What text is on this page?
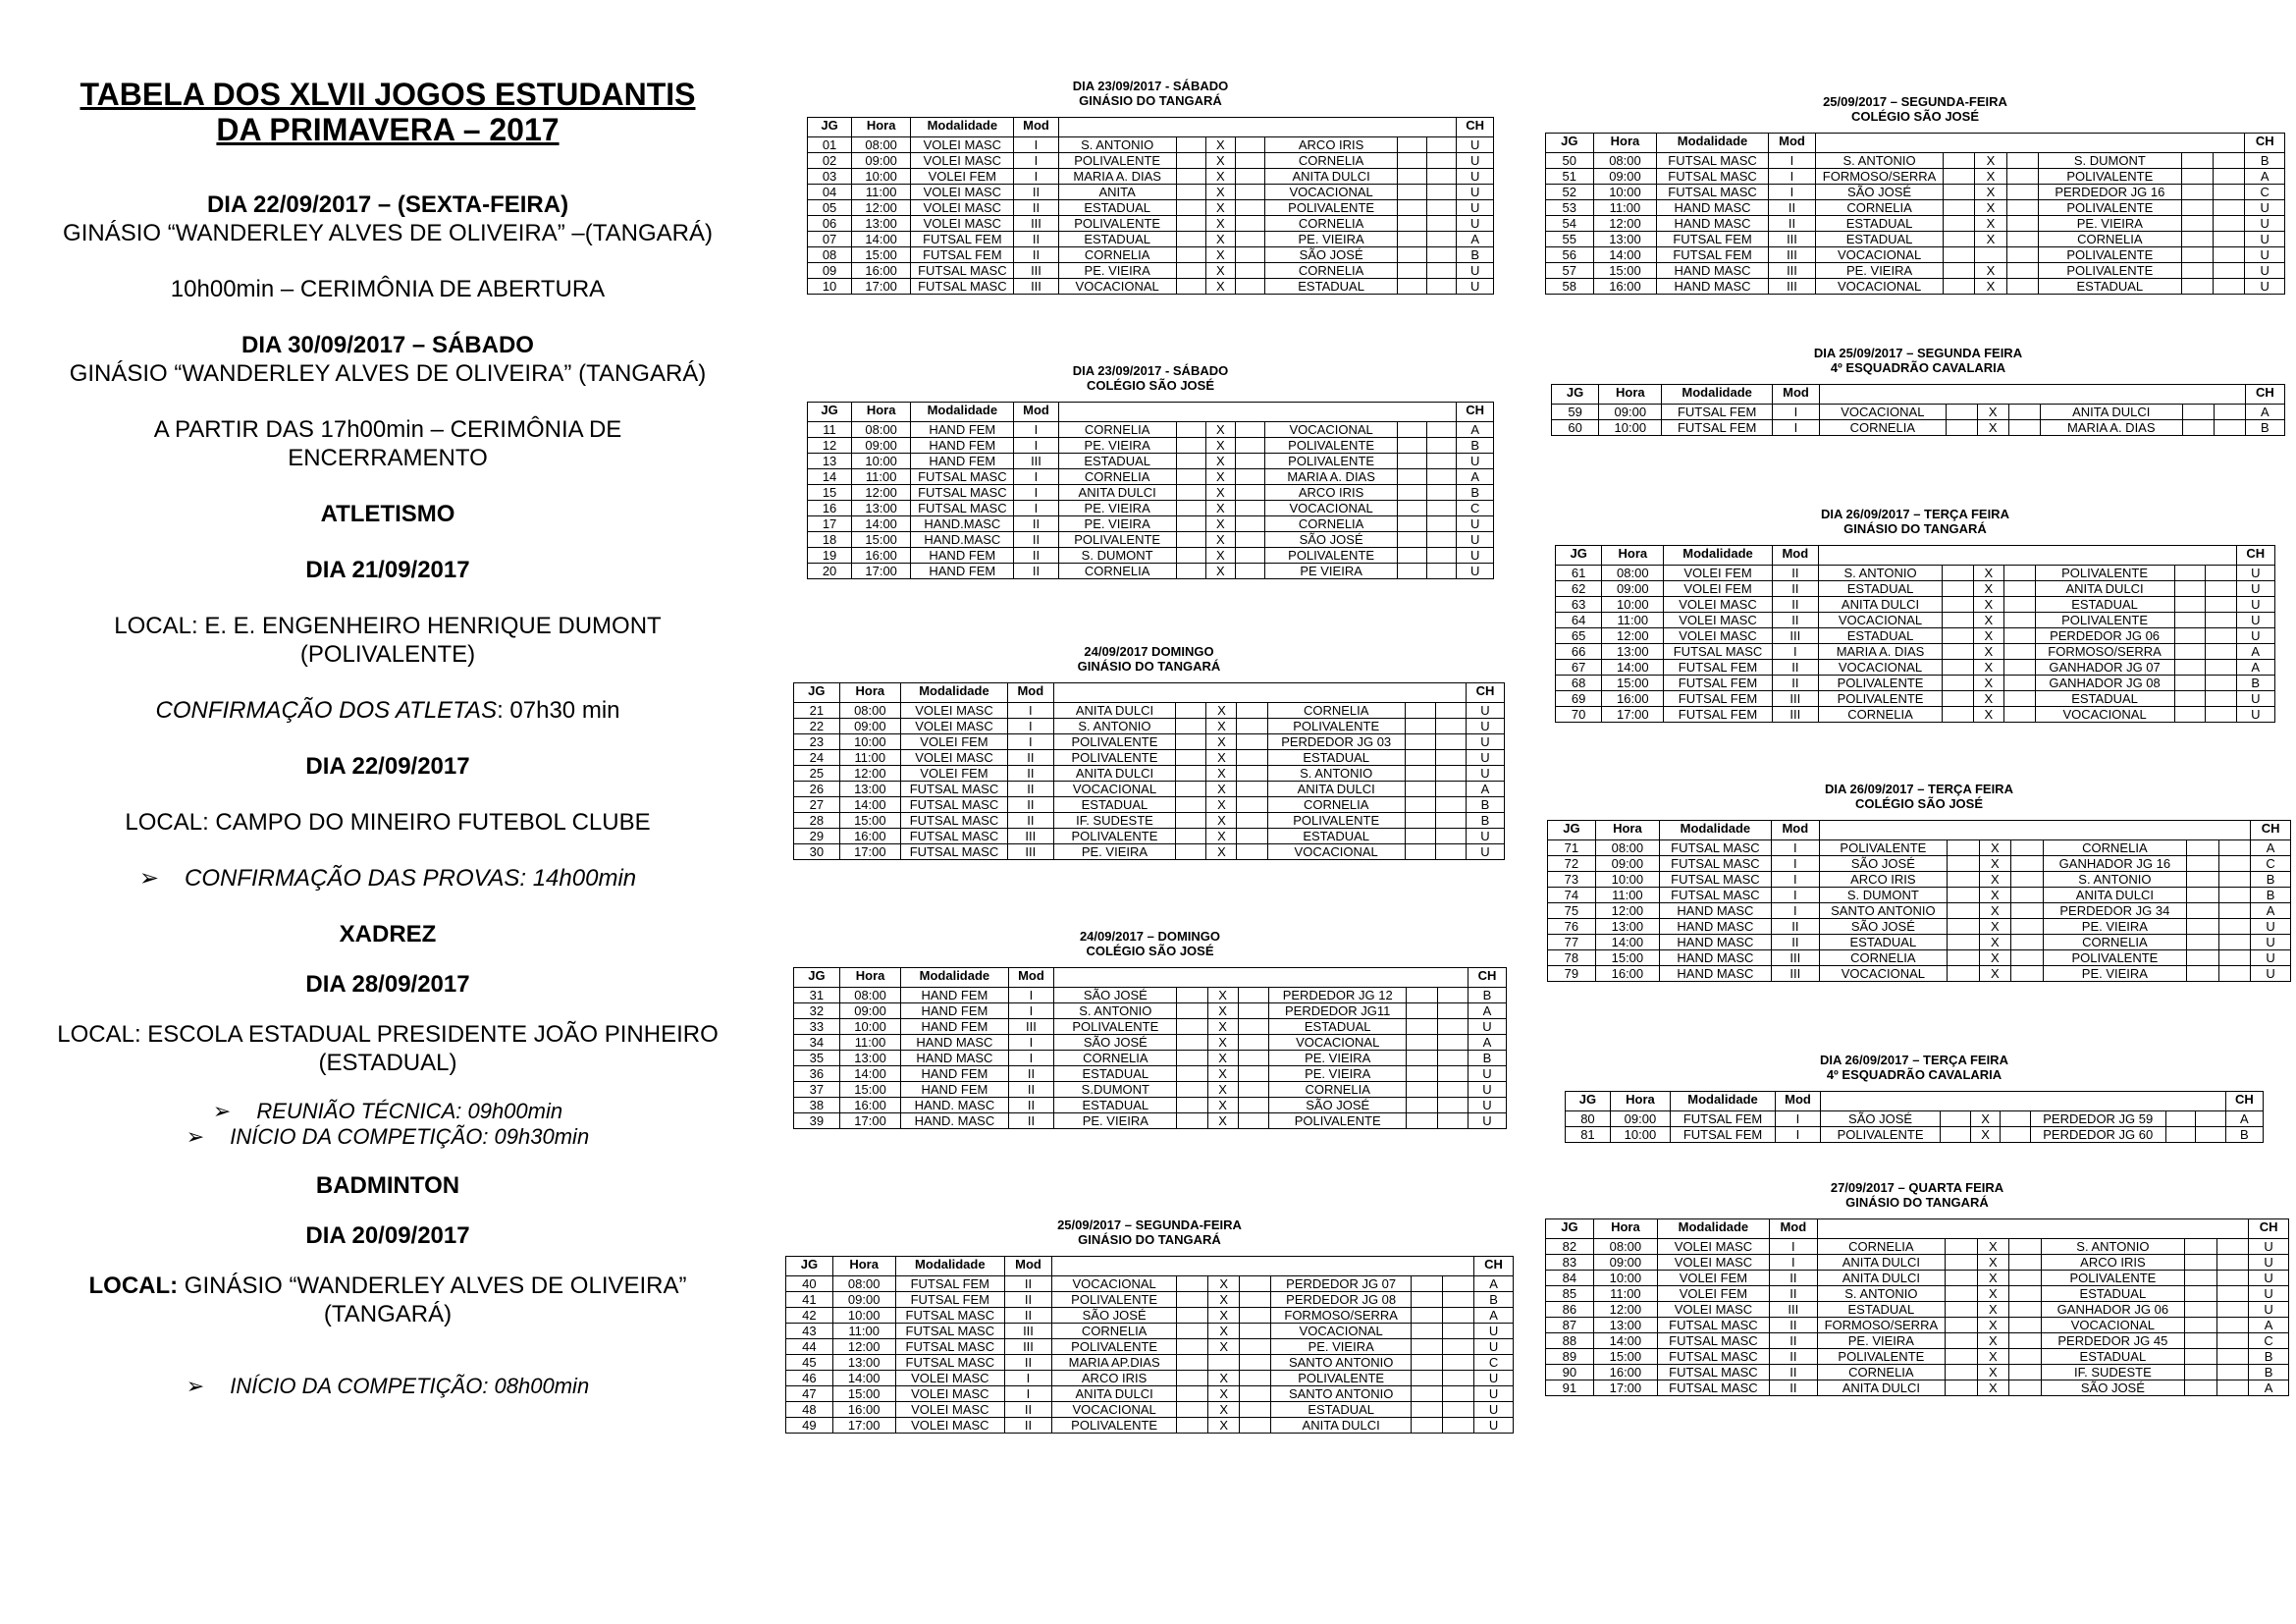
TABELA DOS XLVII JOGOS ESTUDANTIS
DA PRIMAVERA – 2017

DIA 22/09/2017 – (SEXTA-FEIRA)

GINÁSIO “WANDERLEY ALVES DE OLIVEIRA” –(TANGARÁ)

10h00min – CERIMÔNIA DE ABERTURA

DIA 30/09/2017 – SÁBADO

GINÁSIO “WANDERLEY ALVES DE OLIVEIRA” (TANGARÁ)

A PARTIR DAS 17h00min – CERIMÔNIA DE

ENCERRAMENTO

ATLETISMO

DIA 21/09/2017

LOCAL: E. E. ENGENHEIRO HENRIQUE DUMONT

(POLIVALENTE)

CONFIRMAÇÃO DOS ATLETAS: 07h30 min

DIA 22/09/2017

LOCAL: CAMPO DO MINEIRO FUTEBOL CLUBE

➢ CONFIRMAÇÃO DAS PROVAS: 14h00min

XADREZ

DIA 28/09/2017

LOCAL: ESCOLA ESTADUAL PRESIDENTE JOÃO PINHEIRO

(ESTADUAL)

➢ REUNIÃO TÉCNICA: 09h00min

➢ INÍCIO DA COMPETIÇÃO: 09h30min

BADMINTON

DIA 20/09/2017

LOCAL: GINÁSIO “WANDERLEY ALVES DE OLIVEIRA” (TANGARÁ)

➢ INÍCIO DA COMPETIÇÃO: 08h00min

DIA 23/09/2017 - SÁBADO
GINÁSIO DO TANGARÁ
JG	Hora	Modalidade	Mod								CH
01	08:00	VOLEI MASC	I	S. ANTONIO		X		ARCO IRIS			U
02	09:00	VOLEI MASC	I	POLIVALENTE		X		CORNELIA			U
03	10:00	VOLEI FEM	I	MARIA A. DIAS		X		ANITA DULCI			U
04	11:00	VOLEI MASC	II	ANITA		X		VOCACIONAL			U
05	12:00	VOLEI MASC	II	ESTADUAL		X		POLIVALENTE			U
06	13:00	VOLEI MASC	III	POLIVALENTE		X		CORNELIA			U
07	14:00	FUTSAL FEM	II	ESTADUAL		X		PE. VIEIRA			A
08	15:00	FUTSAL FEM	II	CORNELIA		X		SÃO JOSÉ			B
09	16:00	FUTSAL MASC	III	PE. VIEIRA		X		CORNELIA			U
10	17:00	FUTSAL MASC	III	VOCACIONAL		X		ESTADUAL			U
DIA 23/09/2017 - SÁBADO
COLÉGIO SÃO JOSÉ
JG	Hora	Modalidade	Mod								CH
11	08:00	HAND FEM	I	CORNELIA		X		VOCACIONAL			A
12	09:00	HAND FEM	I	PE. VIEIRA		X		POLIVALENTE			B
13	10:00	HAND FEM	III	ESTADUAL		X		POLIVALENTE			U
14	11:00	FUTSAL MASC	I	CORNELIA		X		MARIA A. DIAS			A
15	12:00	FUTSAL MASC	I	ANITA DULCI		X		ARCO IRIS			B
16	13:00	FUTSAL MASC	I	PE. VIEIRA		X		VOCACIONAL			C
17	14:00	HAND.MASC	II	PE. VIEIRA		X		CORNELIA			U
18	15:00	HAND.MASC	II	POLIVALENTE		X		SÃO JOSÉ			U
19	16:00	HAND FEM	II	S. DUMONT		X		POLIVALENTE			U
20	17:00	HAND FEM	II	CORNELIA		X		PE VIEIRA			U
24/09/2017 DOMINGO
GINÁSIO DO TANGARÁ
JG	Hora	Modalidade	Mod								CH
21	08:00	VOLEI MASC	I	ANITA DULCI		X		CORNELIA			U
22	09:00	VOLEI MASC	I	S. ANTONIO		X		POLIVALENTE			U
23	10:00	VOLEI FEM	I	POLIVALENTE		X		PERDEDOR JG 03			U
24	11:00	VOLEI MASC	II	POLIVALENTE		X		ESTADUAL			U
25	12:00	VOLEI FEM	II	ANITA DULCI		X		S. ANTONIO			U
26	13:00	FUTSAL MASC	II	VOCACIONAL		X		ANITA DULCI			A
27	14:00	FUTSAL MASC	II	ESTADUAL		X		CORNELIA			B
28	15:00	FUTSAL MASC	II	IF. SUDESTE		X		POLIVALENTE			B
29	16:00	FUTSAL MASC	III	POLIVALENTE		X		ESTADUAL			U
30	17:00	FUTSAL MASC	III	PE. VIEIRA		X		VOCACIONAL			U
24/09/2017 – DOMINGO
COLÉGIO SÃO JOSÉ
JG	Hora	Modalidade	Mod								CH
31	08:00	HAND FEM	I	SÃO JOSÉ		X		PERDEDOR JG 12			B
32	09:00	HAND FEM	I	S. ANTONIO		X		PERDEDOR JG11			A
33	10:00	HAND FEM	III	POLIVALENTE		X		ESTADUAL			U
34	11:00	HAND MASC	I	SÃO JOSÉ		X		VOCACIONAL			A
35	13:00	HAND MASC	I	CORNELIA		X		PE. VIEIRA			B
36	14:00	HAND FEM	II	ESTADUAL		X		PE. VIEIRA			U
37	15:00	HAND FEM	II	S.DUMONT		X		CORNELIA			U
38	16:00	HAND. MASC	II	ESTADUAL		X		SÃO JOSÉ			U
39	17:00	HAND. MASC	II	PE. VIEIRA		X		POLIVALENTE			U
25/09/2017 – SEGUNDA-FEIRA
GINÁSIO DO TANGARÁ
JG	Hora	Modalidade	Mod								CH
40	08:00	FUTSAL FEM	II	VOCACIONAL		X		PERDEDOR JG 07			A
41	09:00	FUTSAL FEM	II	POLIVALENTE		X		PERDEDOR JG 08			B
42	10:00	FUTSAL MASC	II	SÃO JOSÉ		X		FORMOSO/SERRA			A
43	11:00	FUTSAL MASC	III	CORNELIA		X		VOCACIONAL			U
44	12:00	FUTSAL MASC	III	POLIVALENTE		X		PE. VIEIRA			U
45	13:00	FUTSAL MASC	II	MARIA AP.DIAS				SANTO ANTONIO			C
46	14:00	VOLEI MASC	I	ARCO IRIS		X		POLIVALENTE			U
47	15:00	VOLEI MASC	I	ANITA DULCI		X		SANTO ANTONIO			U
48	16:00	VOLEI MASC	II	VOCACIONAL		X		ESTADUAL			U
49	17:00	VOLEI MASC	II	POLIVALENTE		X		ANITA DULCI			U
25/09/2017 – SEGUNDA-FEIRA
COLÉGIO SÃO JOSÉ
JG	Hora	Modalidade	Mod								CH
50	08:00	FUTSAL MASC	I	S. ANTONIO		X		S. DUMONT			B
51	09:00	FUTSAL MASC	I	FORMOSO/SERRA		X		POLIVALENTE			A
52	10:00	FUTSAL MASC	I	SÃO JOSÉ		X		PERDEDOR JG 16			C
53	11:00	HAND MASC	II	CORNELIA		X		POLIVALENTE			U
54	12:00	HAND MASC	II	ESTADUAL		X		PE. VIEIRA			U
55	13:00	FUTSAL FEM	III	ESTADUAL		X		CORNELIA			U
56	14:00	FUTSAL FEM	III	VOCACIONAL				POLIVALENTE			U
57	15:00	HAND MASC	III	PE. VIEIRA		X		POLIVALENTE			U
58	16:00	HAND MASC	III	VOCACIONAL		X		ESTADUAL			U
DIA 25/09/2017 – SEGUNDA FEIRA
4º ESQUADRÃO CAVALARIA
JG	Hora	Modalidade	Mod								CH
59	09:00	FUTSAL FEM	I	VOCACIONAL		X		ANITA DULCI			A
60	10:00	FUTSAL FEM	I	CORNELIA		X		MARIA A. DIAS			B
DIA 26/09/2017 – TERÇA FEIRA
GINÁSIO DO TANGARÁ
JG	Hora	Modalidade	Mod								CH
61	08:00	VOLEI FEM	II	S. ANTONIO		X		POLIVALENTE			U
62	09:00	VOLEI FEM	II	ESTADUAL		X		ANITA DULCI			U
63	10:00	VOLEI MASC	II	ANITA DULCI		X		ESTADUAL			U
64	11:00	VOLEI MASC	II	VOCACIONAL		X		POLIVALENTE			U
65	12:00	VOLEI MASC	III	ESTADUAL		X		PERDEDOR JG 06			U
66	13:00	FUTSAL MASC	I	MARIA A. DIAS		X		FORMOSO/SERRA			A
67	14:00	FUTSAL FEM	II	VOCACIONAL		X		GANHADOR JG 07			A
68	15:00	FUTSAL FEM	II	POLIVALENTE		X		GANHADOR JG 08			B
69	16:00	FUTSAL FEM	III	POLIVALENTE		X		ESTADUAL			U
70	17:00	FUTSAL FEM	III	CORNELIA		X		VOCACIONAL			U
DIA 26/09/2017 – TERÇA FEIRA
COLÉGIO SÃO JOSÉ
JG	Hora	Modalidade	Mod								CH
71	08:00	FUTSAL MASC	I	POLIVALENTE		X		CORNELIA			A
72	09:00	FUTSAL MASC	I	SÃO JOSÉ		X		GANHADOR JG 16			C
73	10:00	FUTSAL MASC	I	ARCO IRIS		X		S. ANTONIO			B
74	11:00	FUTSAL MASC	I	S. DUMONT		X		ANITA DULCI			B
75	12:00	HAND MASC	I	SANTO ANTONIO		X		PERDEDOR JG 34			A
76	13:00	HAND MASC	II	SÃO JOSÉ		X		PE. VIEIRA			U
77	14:00	HAND MASC	II	ESTADUAL		X		CORNELIA			U
78	15:00	HAND MASC	III	CORNELIA		X		POLIVALENTE			U
79	16:00	HAND MASC	III	VOCACIONAL		X		PE. VIEIRA			U
DIA 26/09/2017 – TERÇA FEIRA
4º ESQUADRÃO CAVALARIA
JG	Hora	Modalidade	Mod								CH
80	09:00	FUTSAL FEM	I	SÃO JOSÉ		X		PERDEDOR JG 59			A
81	10:00	FUTSAL FEM	I	POLIVALENTE		X		PERDEDOR JG 60			B
27/09/2017 – QUARTA FEIRA
GINÁSIO DO TANGARÁ
JG	Hora	Modalidade	Mod								CH
82	08:00	VOLEI MASC	I	CORNELIA		X		S. ANTONIO			U
83	09:00	VOLEI MASC	I	ANITA DULCI		X		ARCO IRIS			U
84	10:00	VOLEI FEM	II	ANITA DULCI		X		POLIVALENTE			U
85	11:00	VOLEI FEM	II	S. ANTONIO		X		ESTADUAL			U
86	12:00	VOLEI MASC	III	ESTADUAL		X		GANHADOR JG 06			U
87	13:00	FUTSAL MASC	II	FORMOSO/SERRA		X		VOCACIONAL			A
88	14:00	FUTSAL MASC	II	PE. VIEIRA		X		PERDEDOR JG 45			C
89	15:00	FUTSAL MASC	II	POLIVALENTE		X		ESTADUAL			B
90	16:00	FUTSAL MASC	II	CORNELIA		X		IF. SUDESTE			B
91	17:00	FUTSAL MASC	II	ANITA DULCI		X		SÃO JOSÉ			A
